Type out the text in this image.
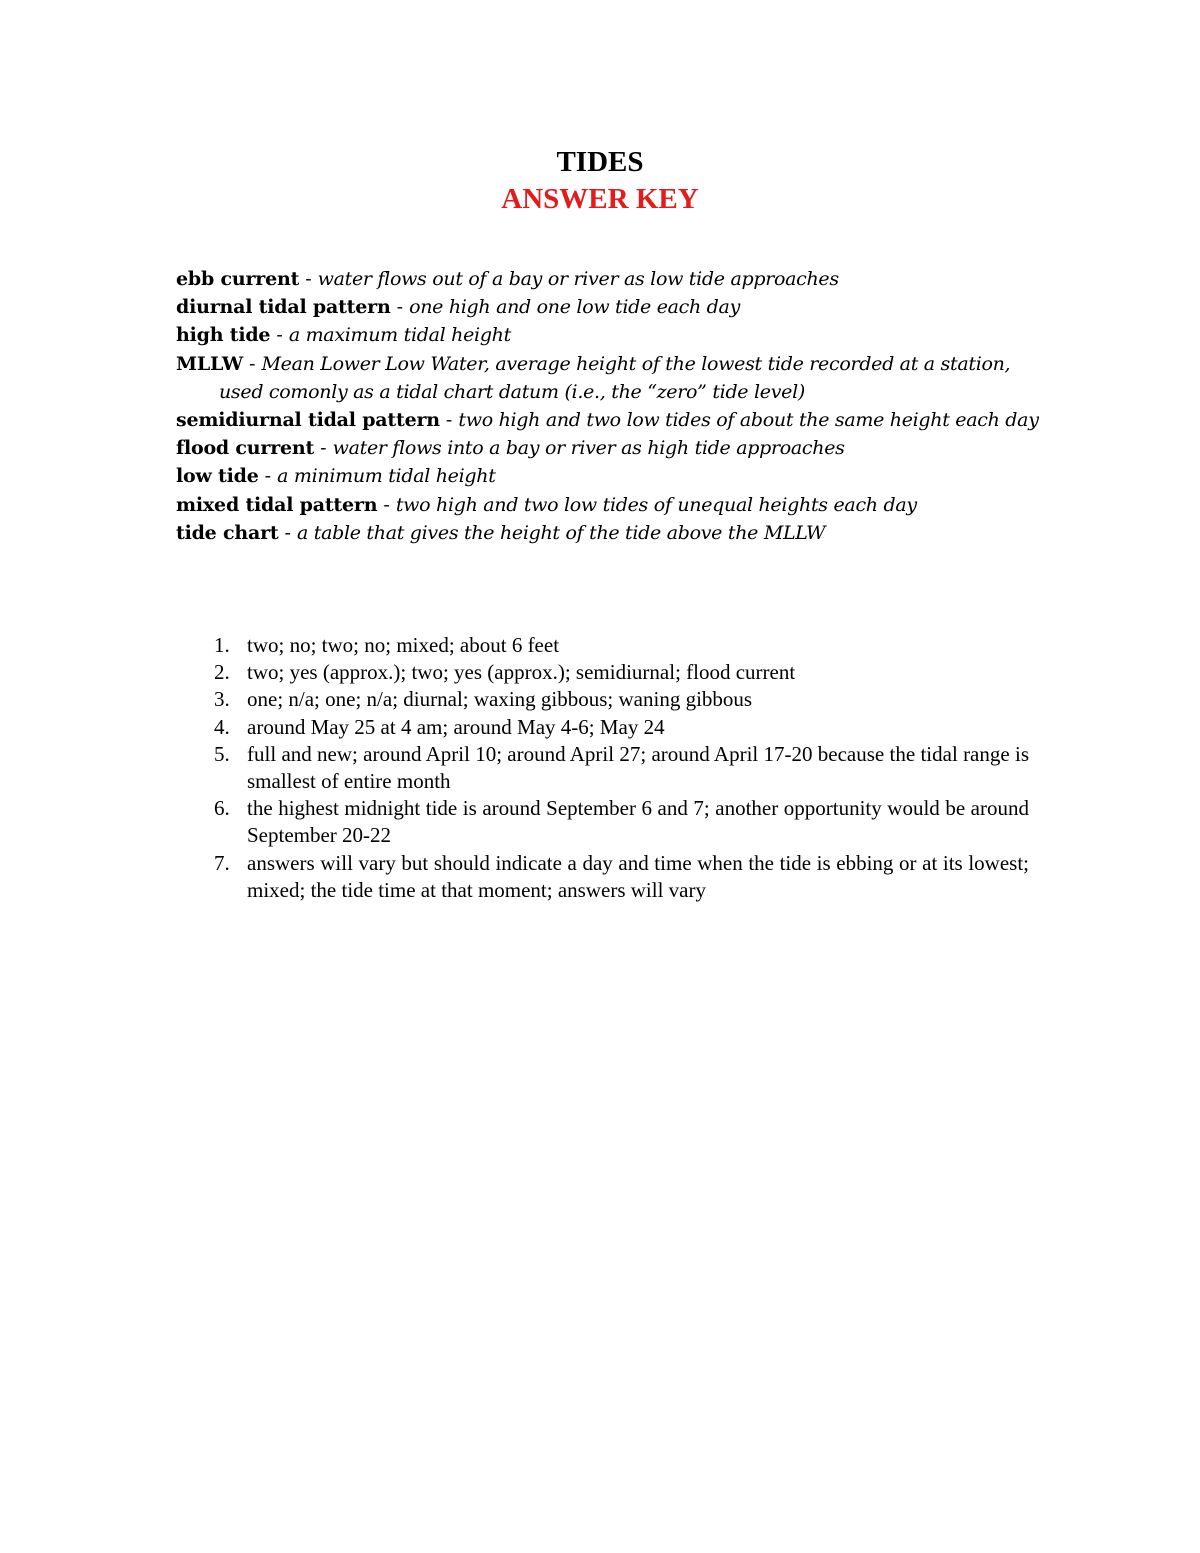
TIDES
ANSWER KEY
ebb current - water flows out of a bay or river as low tide approaches
diurnal tidal pattern - one high and one low tide each day
high tide - a maximum tidal height
MLLW - Mean Lower Low Water, average height of the lowest tide recorded at a station, used comonly as a tidal chart datum (i.e., the “zero” tide level)
semidiurnal tidal pattern - two high and two low tides of about the same height each day
flood current - water flows into a bay or river as high tide approaches
low tide - a minimum tidal height
mixed tidal pattern - two high and two low tides of unequal heights each day
tide chart - a table that gives the height of the tide above the MLLW
1. two; no; two; no; mixed; about 6 feet
2. two; yes (approx.); two; yes (approx.); semidiurnal; flood current
3. one; n/a; one; n/a; diurnal; waxing gibbous; waning gibbous
4. around May 25 at 4 am; around May 4-6; May 24
5. full and new; around April 10; around April 27; around April 17-20 because the tidal range is smallest of entire month
6. the highest midnight tide is around September 6 and 7; another opportunity would be around September 20-22
7. answers will vary but should indicate a day and time when the tide is ebbing or at its lowest; mixed; the tide time at that moment; answers will vary
